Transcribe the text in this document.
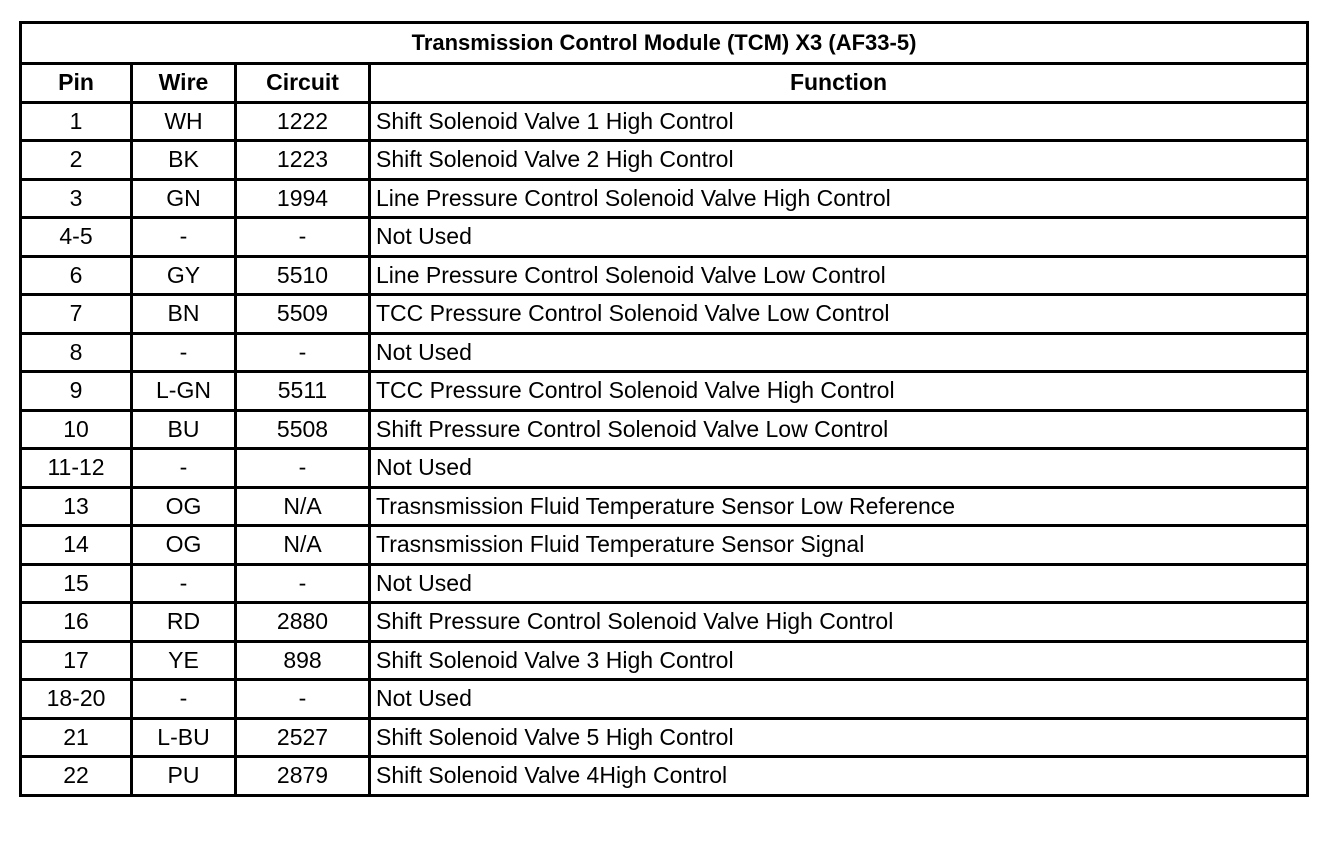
Transmission Control Module (TCM) X3 (AF33-5)			
Pin	Wire	Circuit	Function
1	WH	1222	Shift Solenoid Valve 1 High Control
2	BK	1223	Shift Solenoid Valve 2 High Control
3	GN	1994	Line Pressure Control Solenoid Valve High Control
4-5	-	-	Not Used
6	GY	5510	Line Pressure Control Solenoid Valve Low Control
7	BN	5509	TCC Pressure Control Solenoid Valve Low Control
8	-	-	Not Used
9	L-GN	5511	TCC Pressure Control Solenoid Valve High Control
10	BU	5508	Shift Pressure Control Solenoid Valve Low Control
11-12	-	-	Not Used
13	OG	N/A	Trasnsmission Fluid Temperature Sensor Low Reference
14	OG	N/A	Trasnsmission Fluid Temperature Sensor Signal
15	-	-	Not Used
16	RD	2880	Shift Pressure Control Solenoid Valve High Control
17	YE	898	Shift Solenoid Valve 3 High Control
18-20	-	-	Not Used
21	L-BU	2527	Shift Solenoid Valve 5 High Control
22	PU	2879	Shift Solenoid Valve 4High Control
